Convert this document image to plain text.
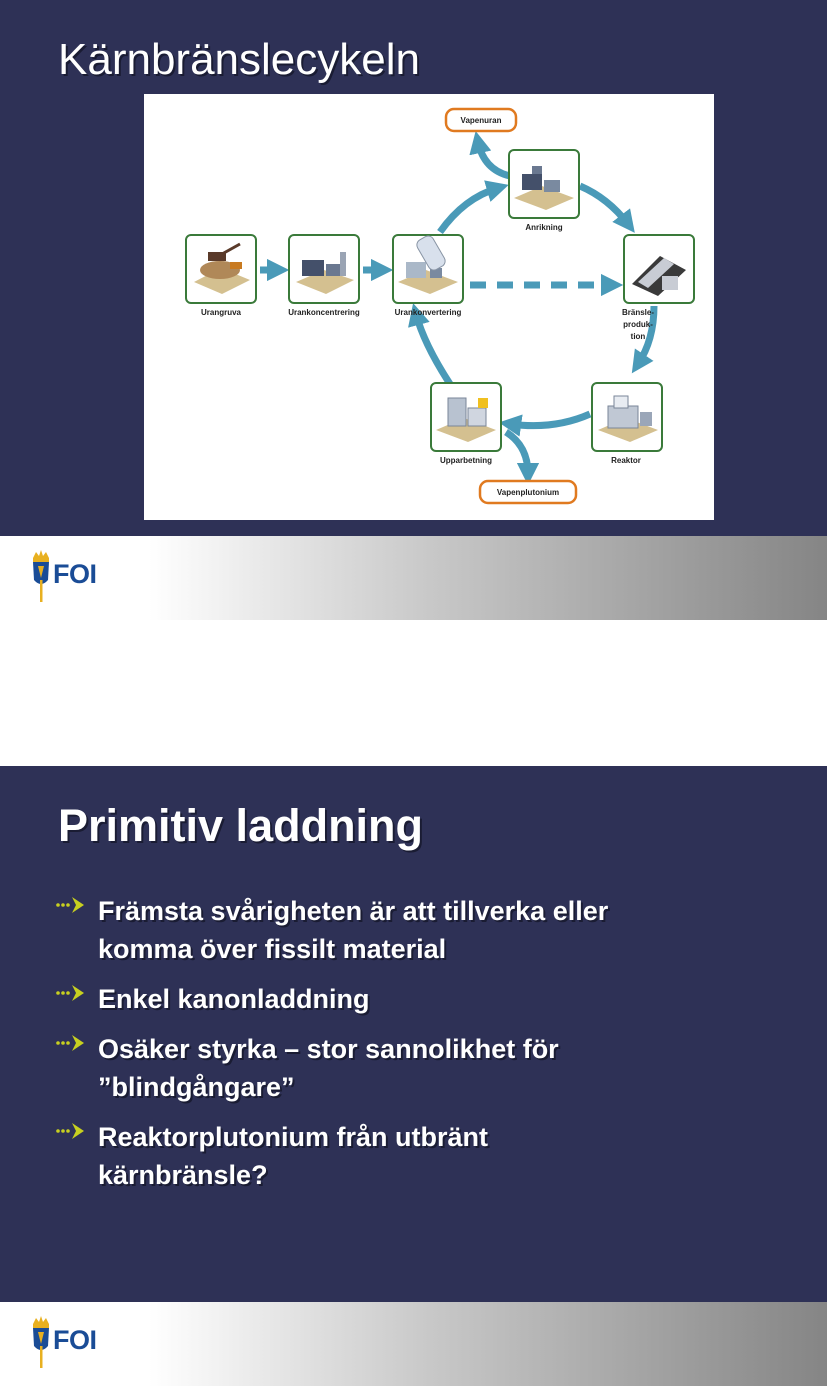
Kärnbränslecykeln
Urangruva	Urankoncentrering	Urankonvertering
Anrikning
Bränsle-
produk-
tion
Reaktor
Upparbetning
Vapenuran
Vapenplutonium
FOI
Primitiv laddning
Främsta svårigheten är att tillverka eller
komma över fissilt material
Enkel kanonladdning
Osäker styrka – stor sannolikhet för
”blindgångare”
Reaktorplutonium från utbränt
kärnbränsle?
FOI
